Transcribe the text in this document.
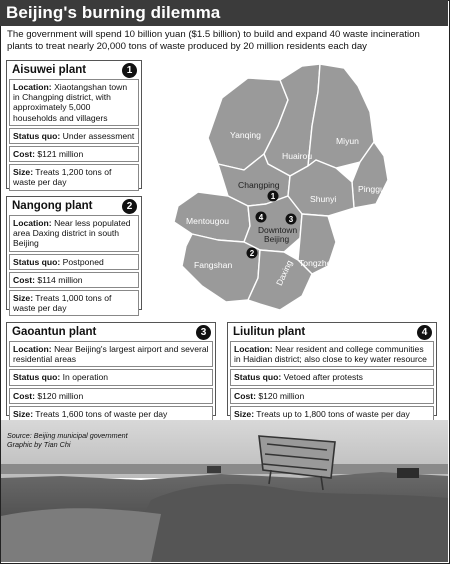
Beijing's burning dilemma
The government will spend 10 billion yuan ($1.5 billion) to build and expand 40 waste incineration plants to treat nearly 20,000 tons of waste produced by 20 million residents each day
Aisuwei plant	1
Location: Xiaotangshan town in Changping district, with approximately 5,000 households and villagers
Status quo: Under assessment
Cost: $121 million
Size: Treats 1,200 tons of waste per day
Nangong plant	2
Location: Near less populated area Daxing district in south Beijing
Status quo: Postponed
Cost: $114 million
Size: Treats 1,000 tons of waste per day
Gaoantun plant	3
Location: Near Beijing's largest airport and several residential areas
Status quo: In operation
Cost: $120 million
Size: Treats 1,600 tons of waste per day
Liulitun plant	4
Location: Near resident and college communities in Haidian district; also close to key water resource
Status quo: Vetoed after protests
Cost: $120 million
Size: Treats up to 1,800 tons of waste per day
Yanqing
Huairou
Miyun
Changping
Shunyi
Pinggu
Mentougou
Fangshan	Tongzhou
Daxing
Downtown Beijing
1
4	3
2
Source: Beijing municipal government
Graphic by Tian Chi
